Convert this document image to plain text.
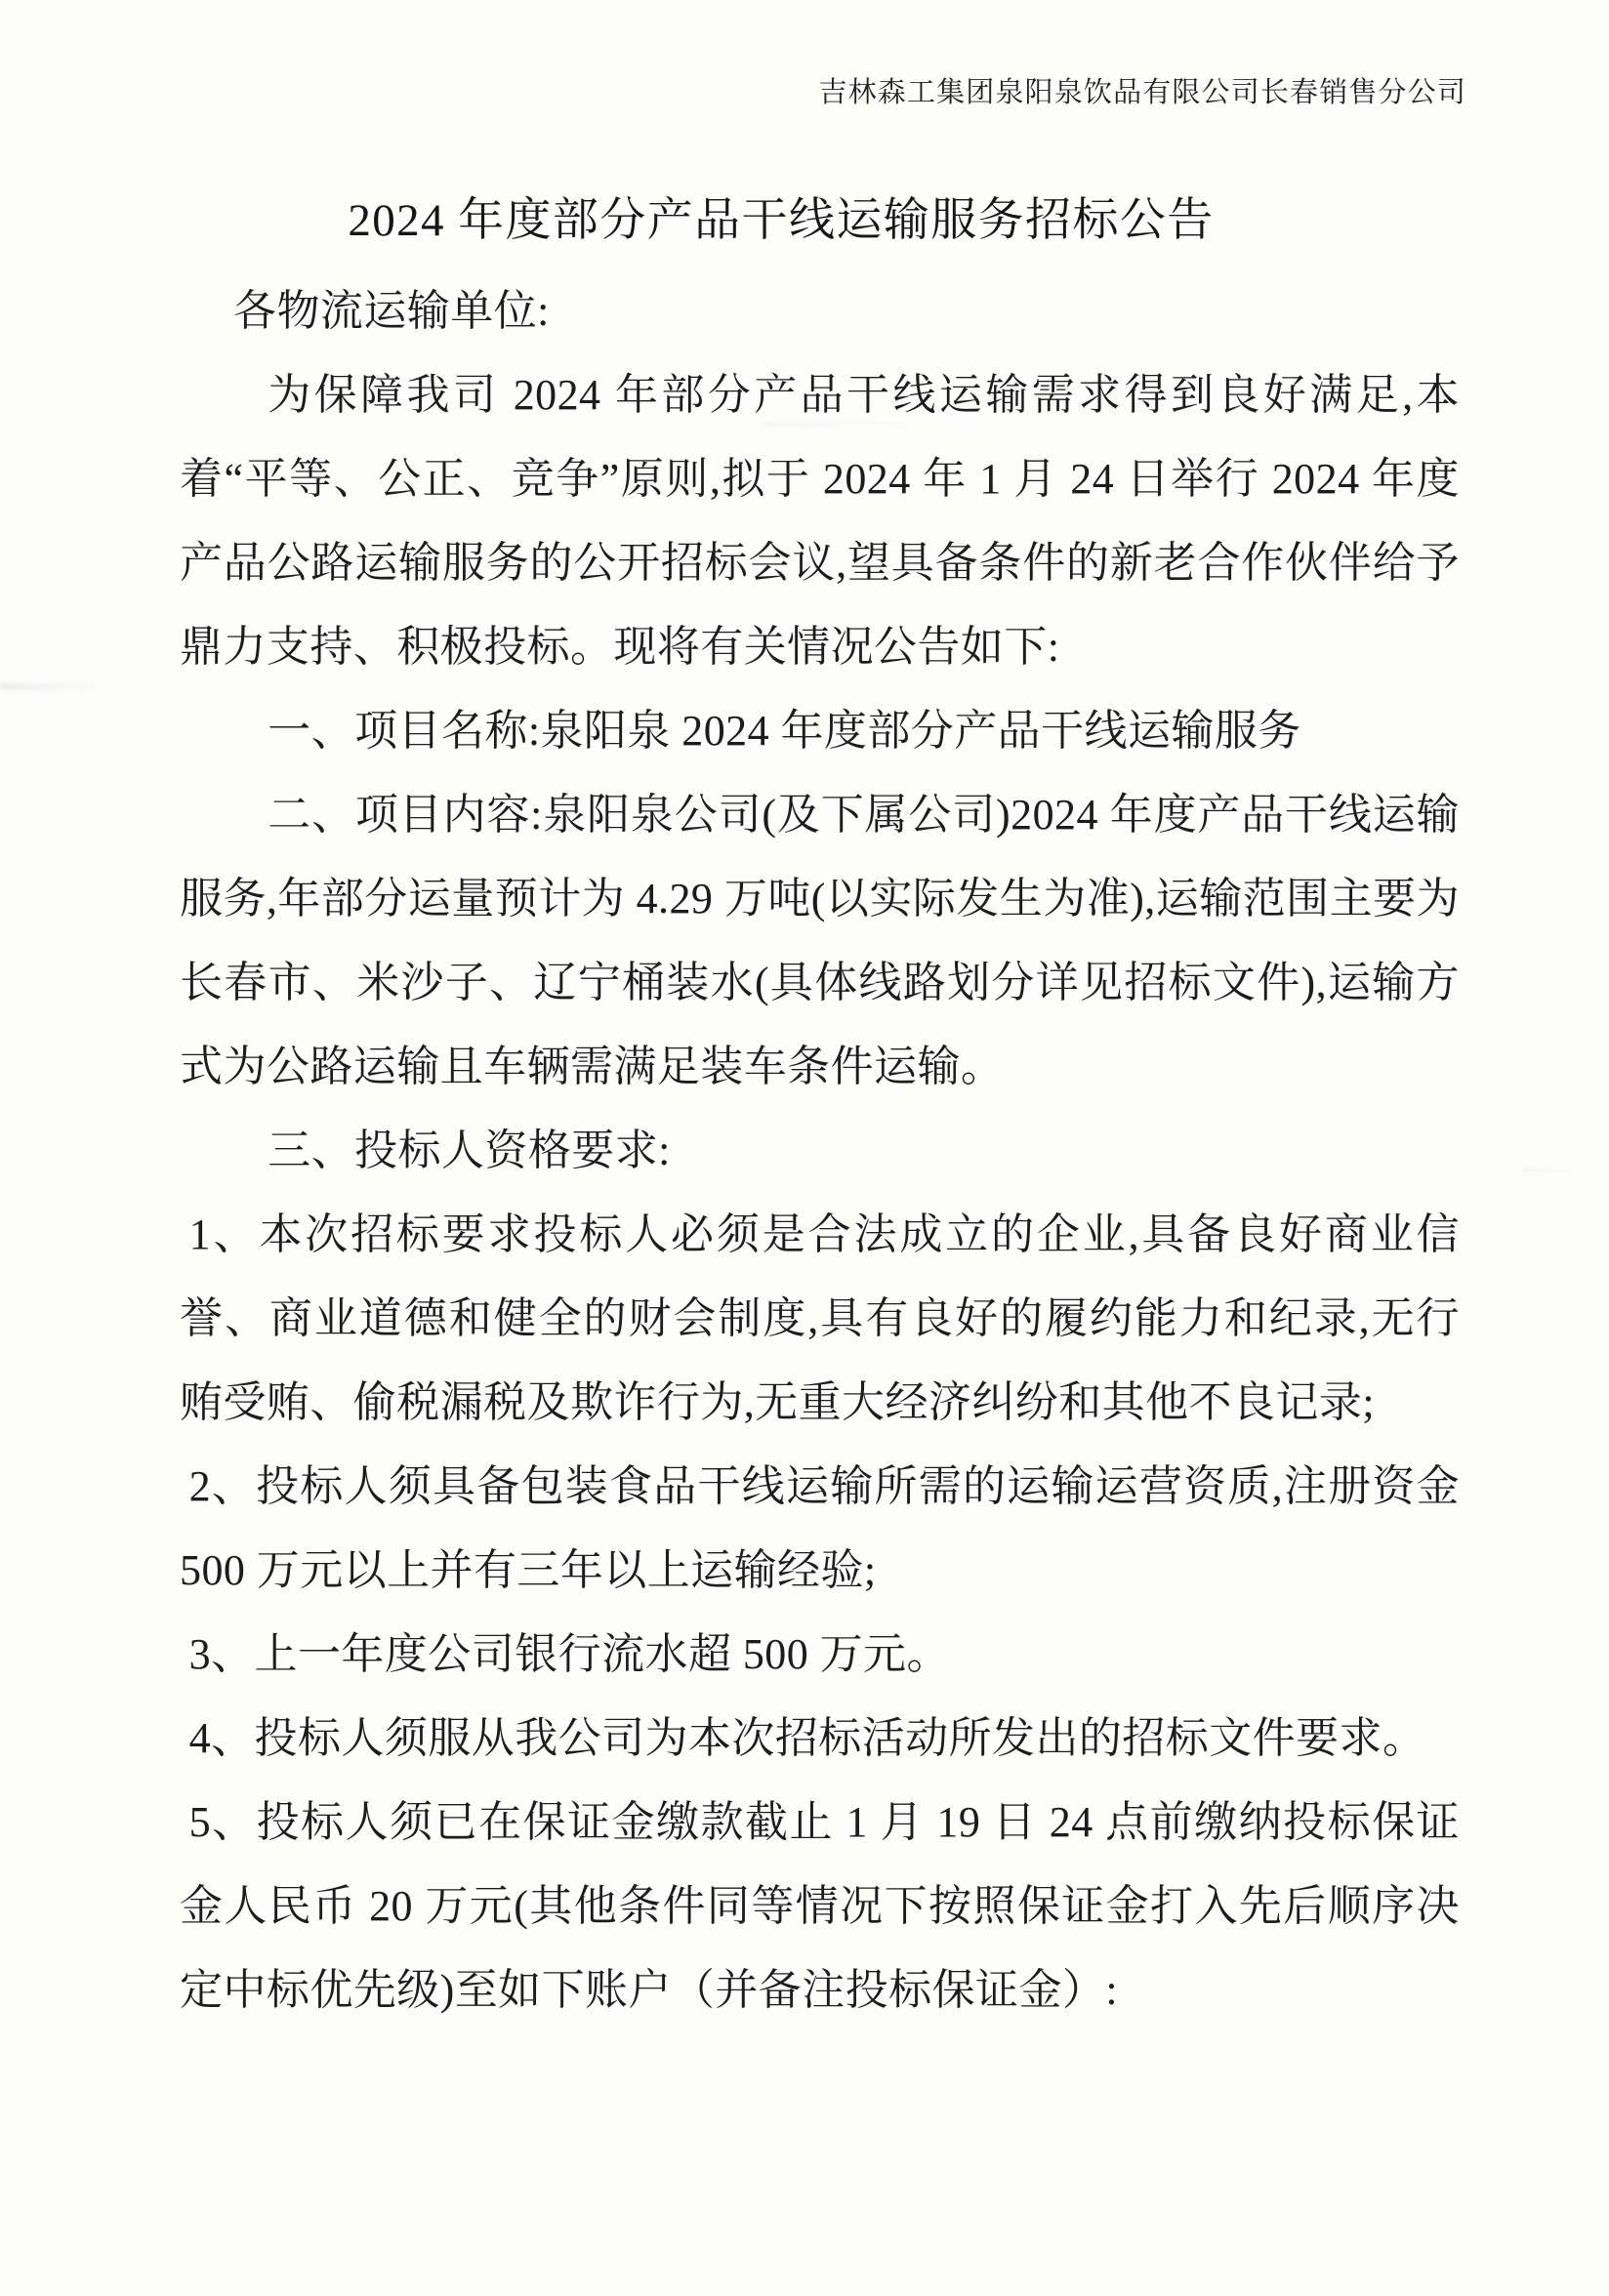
吉林森工集团泉阳泉饮品有限公司长春销售分公司
2024 年度部分产品干线运输服务招标公告

各物流运输单位:

为保障我司 2024 年部分产品干线运输需求得到良好满足,本着“平等、公正、竞争”原则,拟于 2024 年 1 月 24 日举行 2024 年度产品公路运输服务的公开招标会议,望具备条件的新老合作伙伴给予鼎力支持、积极投标。现将有关情况公告如下:

一、项目名称:泉阳泉 2024 年度部分产品干线运输服务

二、项目内容:泉阳泉公司(及下属公司)2024 年度产品干线运输服务,年部分运量预计为 4.29 万吨(以实际发生为准),运输范围主要为长春市、米沙子、辽宁桶装水(具体线路划分详见招标文件),运输方式为公路运输且车辆需满足装车条件运输。

三、投标人资格要求:

1、本次招标要求投标人必须是合法成立的企业,具备良好商业信誉、商业道德和健全的财会制度,具有良好的履约能力和纪录,无行贿受贿、偷税漏税及欺诈行为,无重大经济纠纷和其他不良记录;

2、投标人须具备包装食品干线运输所需的运输运营资质,注册资金 500 万元以上并有三年以上运输经验;

3、上一年度公司银行流水超 500 万元。

4、投标人须服从我公司为本次招标活动所发出的招标文件要求。

5、投标人须已在保证金缴款截止 1 月 19 日 24 点前缴纳投标保证金人民币 20 万元(其他条件同等情况下按照保证金打入先后顺序决定中标优先级)至如下账户（并备注投标保证金）:
